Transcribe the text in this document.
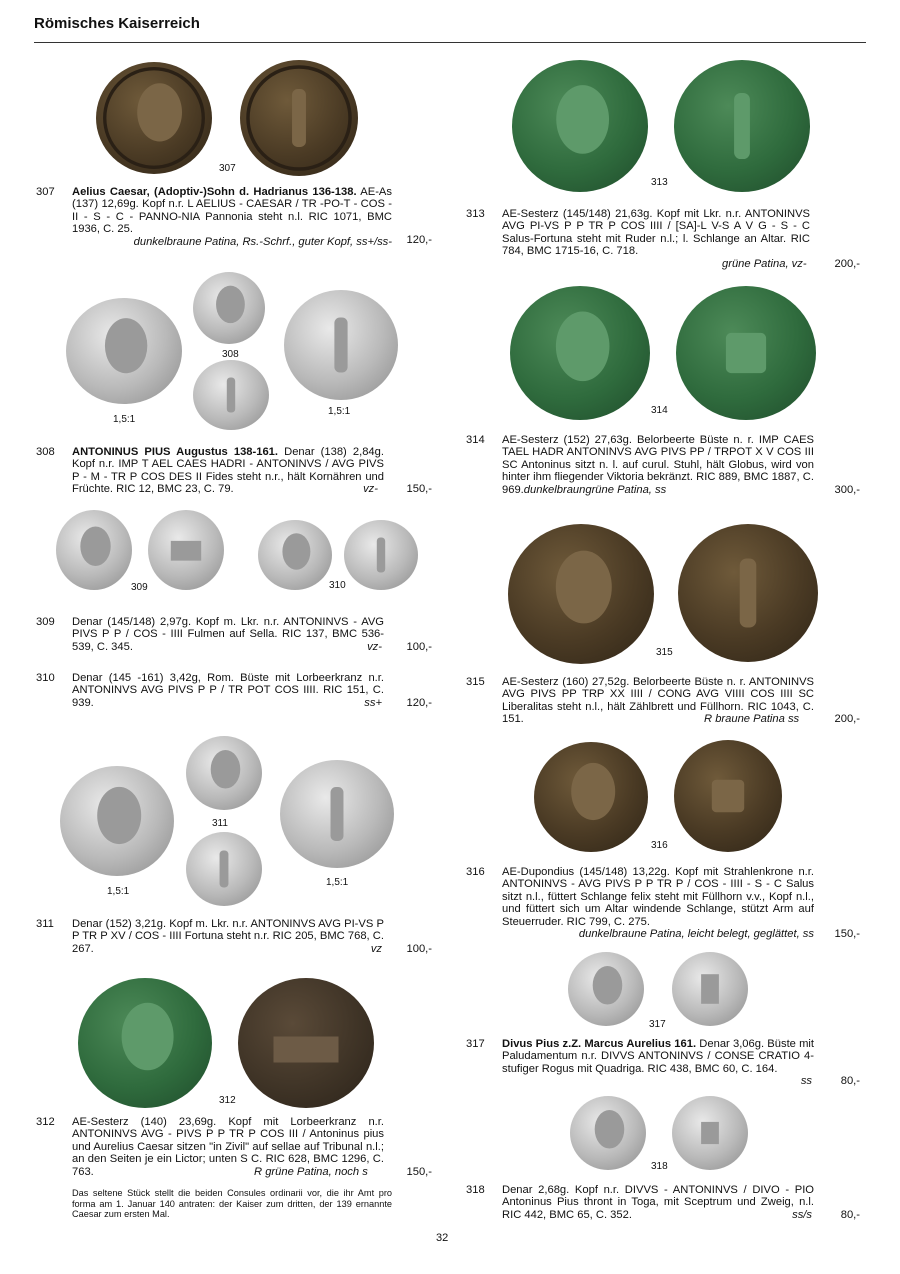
Römisches Kaiserreich
307
308
1,5:1
1,5:1
309	310
311
1,5:1
1,5:1
312
313
314
315
316
317
318
307 Aelius Caesar, (Adoptiv-)Sohn d. Hadrianus 136-138. AE-As (137) 12,69g. Kopf n.r. L AELIUS - CAESAR / TR -PO-T - COS - II - S - C - PANNO-NIA Pannonia steht n.l. RIC 1071, BMC 1936, C. 25.
dunkelbraune Patina, Rs.-Schrf., guter Kopf, ss+/ss-	120,-
308 ANTONINUS PIUS Augustus 138-161. Denar (138) 2,84g. Kopf n.r. IMP T AEL CAES HADRI - ANTONINVS / AVG PIVS P - M - TR P COS DES II Fides steht n.r., hält Kornähren und Früchte. RIC 12, BMC 23, C. 79.	vz-	150,-
309 Denar (145/148) 2,97g. Kopf m. Lkr. n.r. ANTONINVS - AVG PIVS P P / COS - IIII Fulmen auf Sella. RIC 137, BMC 536-539, C. 345.	vz-	100,-
310 Denar (145 -161) 3,42g, Rom. Büste mit Lorbeerkranz n.r. ANTONINVS AVG PIVS P P / TR POT COS IIII. RIC 151, C. 939.	ss+	120,-
311 Denar (152) 3,21g. Kopf m. Lkr. n.r. ANTONINVS AVG PI-VS P P TR P XV / COS - IIII Fortuna steht n.r. RIC 205, BMC 768, C. 267.	vz	100,-
312 AE-Sesterz (140) 23,69g. Kopf mit Lorbeerkranz n.r. ANTONINVS AVG - PIVS P P TR P COS III / Antoninus pius und Aurelius Caesar sitzen "in Zivil" auf sellae auf Tribunal n.l.; an den Seiten je ein Lictor; unten S C. RIC 628, BMC 1296, C. 763.	R grüne Patina, noch s	150,-
Das seltene Stück stellt die beiden Consules ordinarii vor, die ihr Amt pro forma am 1. Januar 140 antraten: der Kaiser zum dritten, der 139 ernannte Caesar zum ersten Mal.
313 AE-Sesterz (145/148) 21,63g. Kopf mit Lkr. n.r. ANTONINVS AVG PI-VS P P TR P COS IIII / [SA]-L V-S A V G - S - C Salus-Fortuna steht mit Ruder n.l.; l. Schlange an Altar. RIC 784, BMC 1715-16, C. 718.
grüne Patina, vz-	200,-
314 AE-Sesterz (152) 27,63g. Belorbeerte Büste n. r. IMP CAES TAEL HADR ANTONINVS AVG PIVS PP / TRPOT X V COS III SC Antoninus sitzt n. l. auf curul. Stuhl, hält Globus, wird von hinter ihm fliegender Viktoria bekränzt. RIC 889, BMC 1887, C. 969.dunkelbraungrüne Patina, ss	300,-
315 AE-Sesterz (160) 27,52g. Belorbeerte Büste n. r. ANTONINVS AVG PIVS PP TRP XX IIII / CONG AVG VIIII COS IIII SC Liberalitas steht n.l., hält Zählbrett und Füllhorn. RIC 1043, C. 151.	R braune Patina ss	200,-
316 AE-Dupondius (145/148) 13,22g. Kopf mit Strahlenkrone n.r. ANTONINVS - AVG PIVS P P TR P / COS - IIII - S - C Salus sitzt n.l., füttert Schlange felix steht mit Füllhorn v.v., Kopf n.l., und füttert sich um Altar windende Schlange, stützt Arm auf Steuerruder. RIC 799, C. 275.
dunkelbraune Patina, leicht belegt, geglättet, ss	150,-
317 Divus Pius z.Z. Marcus Aurelius 161. Denar 3,06g. Büste mit Paludamentum n.r. DIVVS ANTONINVS / CONSE CRATIO 4-stufiger Rogus mit Quadriga. RIC 438, BMC 60, C. 164.
ss	80,-
318 Denar 2,68g. Kopf n.r. DIVVS - ANTONINVS / DIVO - PIO Antoninus Pius thront in Toga, mit Sceptrum und Zweig, n.l. RIC 442, BMC 65, C. 352.	ss/s	80,-
32
